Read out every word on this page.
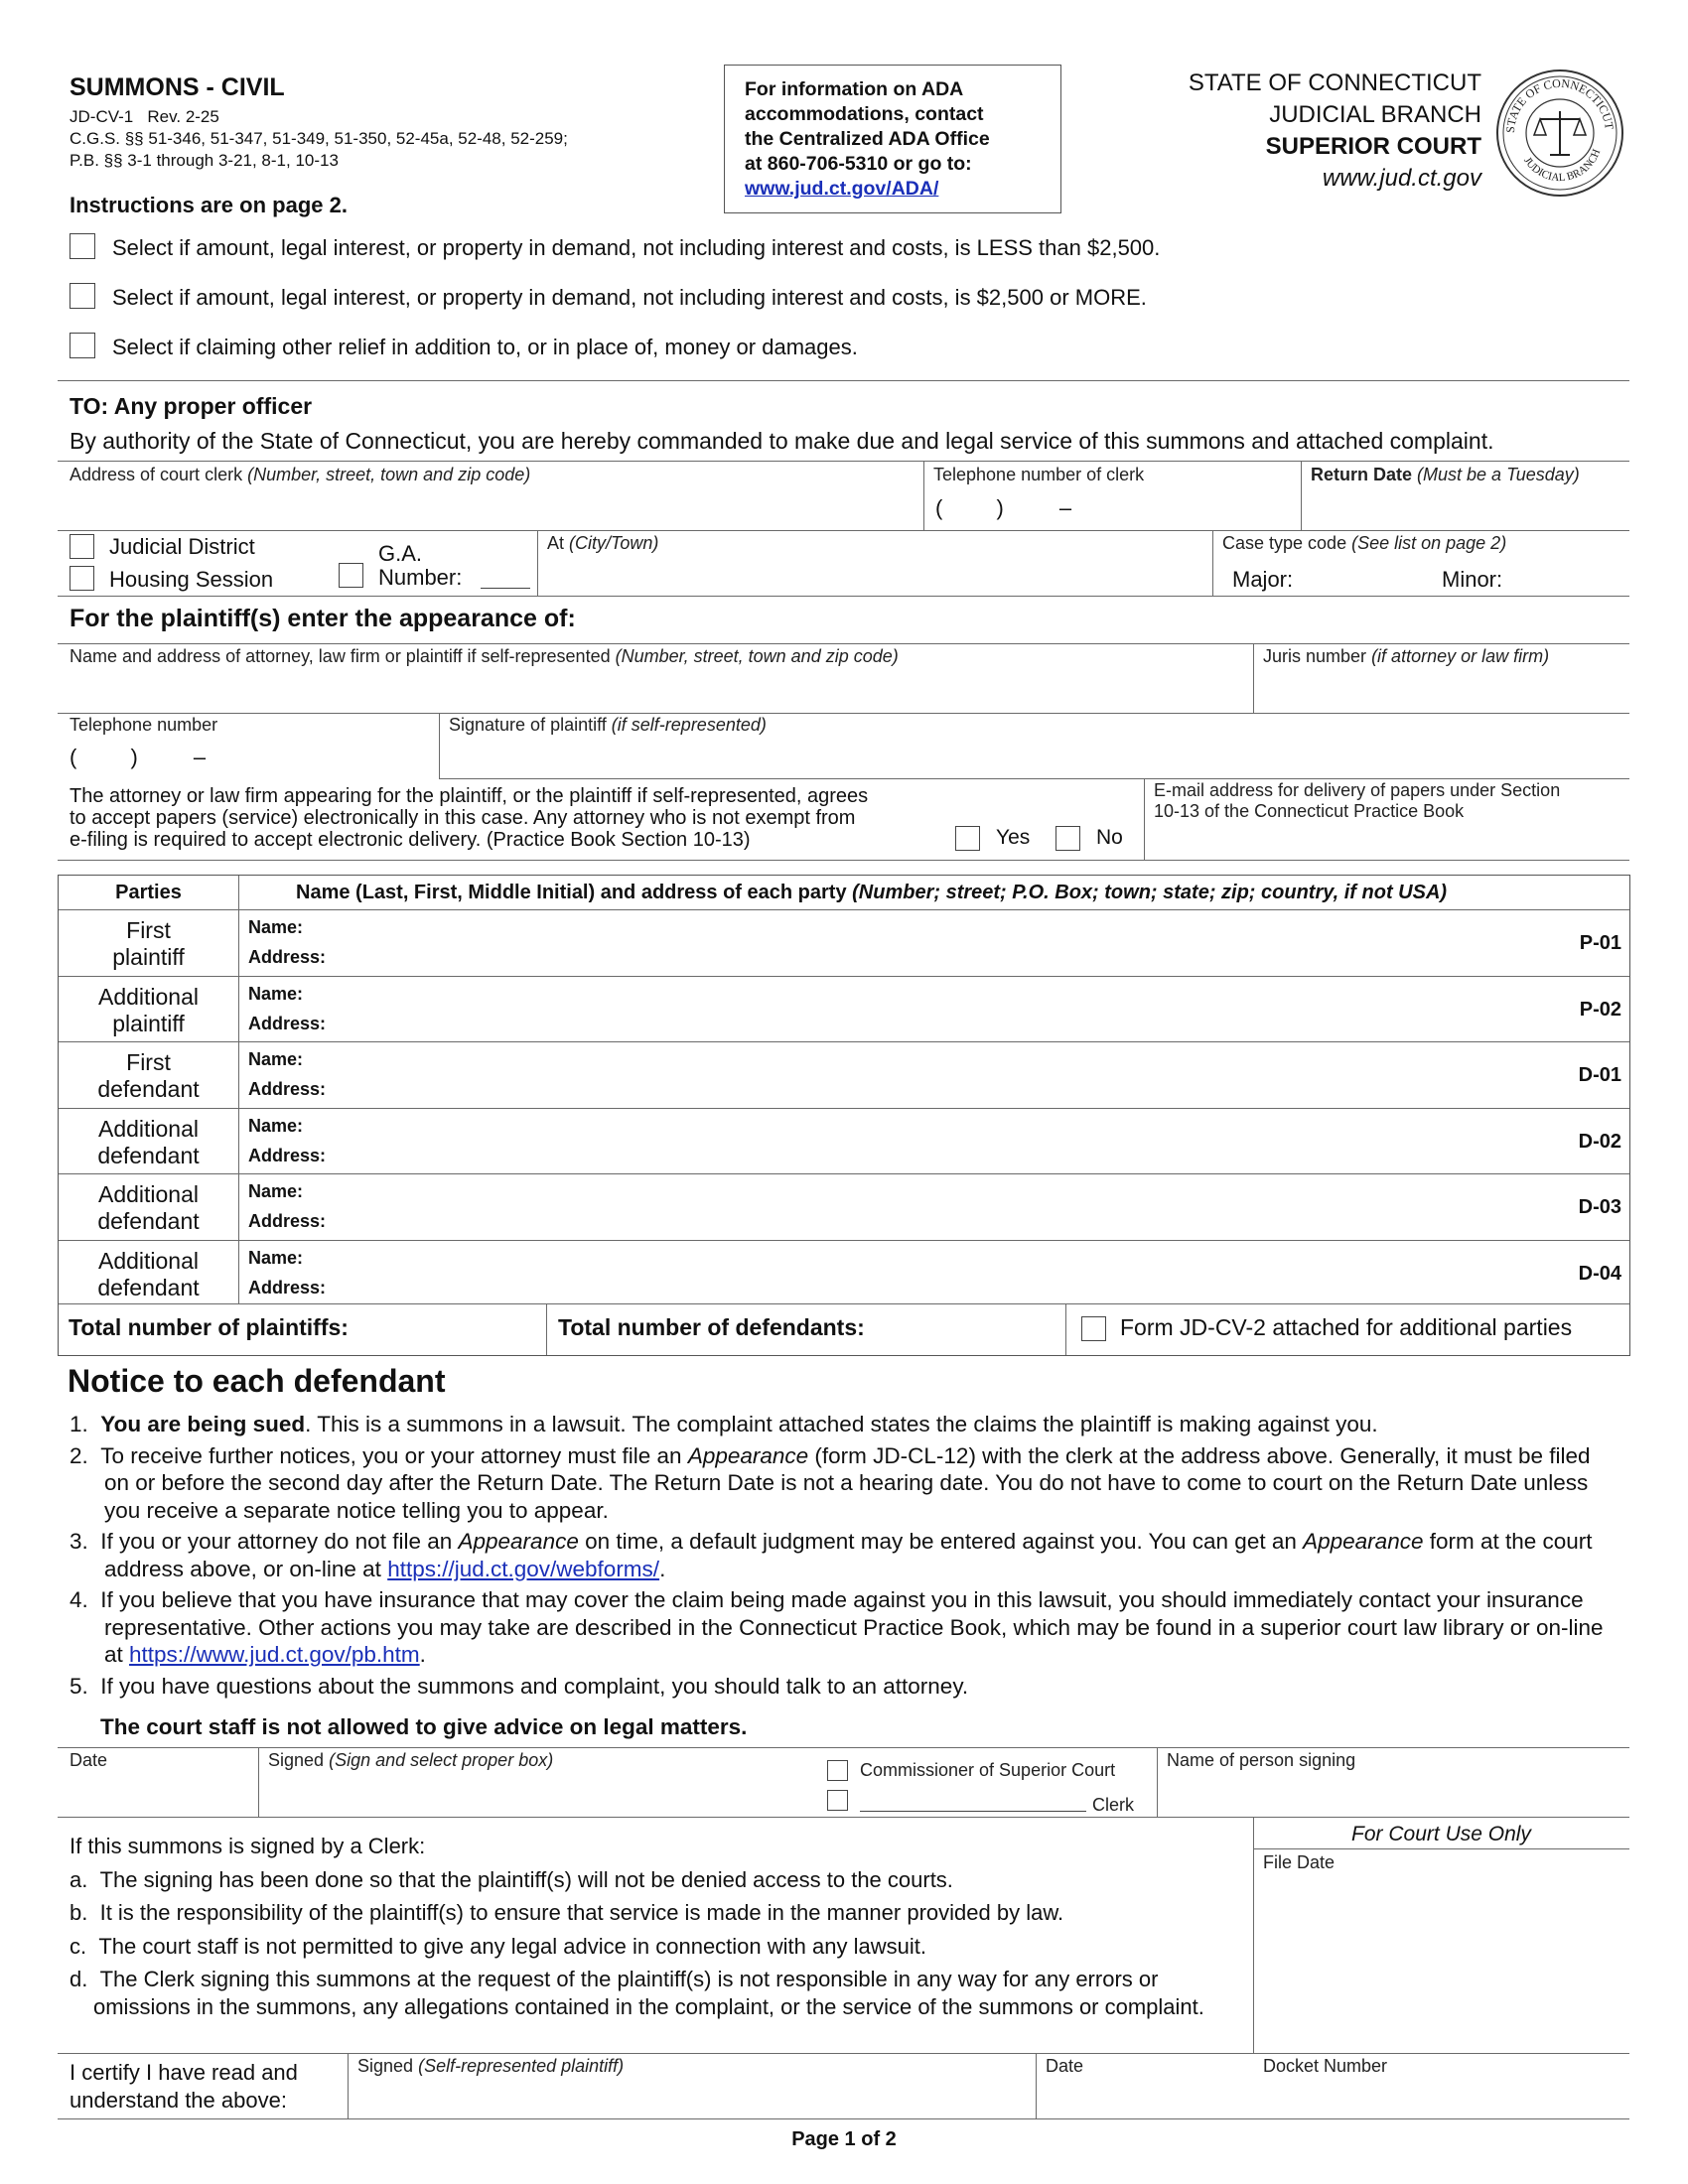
SUMMONS - CIVIL
JD-CV-1   Rev. 2-25
C.G.S. §§ 51-346, 51-347, 51-349, 51-350, 52-45a, 52-48, 52-259;
P.B. §§ 3-1 through 3-21, 8-1, 10-13
Instructions are on page 2.
For information on ADA
accommodations, contact
the Centralized ADA Office
at 860-706-5310 or go to:
www.jud.ct.gov/ADA/
STATE OF CONNECTICUT
JUDICIAL BRANCH
SUPERIOR COURT
www.jud.ct.gov
STATE OF CONNECTICUT
JUDICIAL BRANCH
Select if amount, legal interest, or property in demand, not including interest and costs, is LESS than $2,500.
Select if amount, legal interest, or property in demand, not including interest and costs, is $2,500 or MORE.
Select if claiming other relief in addition to, or in place of, money or damages.
TO: Any proper officer
By authority of the State of Connecticut, you are hereby commanded to make due and legal service of this summons and attached complaint.
Address of court clerk (Number, street, town and zip code)	Telephone number of clerk
( )	–
Return Date (Must be a Tuesday)
Judicial District
Housing Session
G.A.
Number:
At (City/Town)	Case type code (See list on page 2)
Major:	Minor:
For the plaintiff(s) enter the appearance of:
Name and address of attorney, law firm or plaintiff if self-represented (Number, street, town and zip code)	Juris number (if attorney or law firm)
Telephone number
( )	–
Signature of plaintiff (if self-represented)
The attorney or law firm appearing for the plaintiff, or the plaintiff if self-represented, agrees
to accept papers (service) electronically in this case. Any attorney who is not exempt from
e-filing is required to accept electronic delivery. (Practice Book Section 10-13)	Yes	No
E-mail address for delivery of papers under Section
10-13 of the Connecticut Practice Book
Parties	Name (Last, First, Middle Initial) and address of each party (Number; street; P.O. Box; town; state; zip; country, if not USA)
First
plaintiff
Name:
Address:
P-01
Additional
plaintiff
Name:
Address:
P-02
First
defendant
Name:
Address:
D-01
Additional
defendant
Name:
Address:
D-02
Additional
defendant
Name:
Address:
D-03
Additional
defendant
Name:
Address:
D-04
Total number of plaintiffs:	Total number of defendants:	Form JD-CV-2 attached for additional parties
Notice to each defendant
1.  You are being sued. This is a summons in a lawsuit. The complaint attached states the claims the plaintiff is making against you.
2.  To receive further notices, you or your attorney must file an Appearance (form JD-CL-12) with the clerk at the address above. Generally, it must be filed on or before the second day after the Return Date. The Return Date is not a hearing date. You do not have to come to court on the Return Date unless you receive a separate notice telling you to appear.
3.  If you or your attorney do not file an Appearance on time, a default judgment may be entered against you. You can get an Appearance form at the court address above, or on-line at https://jud.ct.gov/webforms/.
4.  If you believe that you have insurance that may cover the claim being made against you in this lawsuit, you should immediately contact your insurance representative. Other actions you may take are described in the Connecticut Practice Book, which may be found in a superior court law library or on-line at https://www.jud.ct.gov/pb.htm.
5.  If you have questions about the summons and complaint, you should talk to an attorney.
The court staff is not allowed to give advice on legal matters.
Date	Signed (Sign and select proper box)	Commissioner of Superior Court
Clerk
Name of person signing
If this summons is signed by a Clerk:
a.  The signing has been done so that the plaintiff(s) will not be denied access to the courts.
b.  It is the responsibility of the plaintiff(s) to ensure that service is made in the manner provided by law.
c.  The court staff is not permitted to give any legal advice in connection with any lawsuit.
d.  The Clerk signing this summons at the request of the plaintiff(s) is not responsible in any way for any errors or omissions in the summons, any allegations contained in the complaint, or the service of the summons or complaint.
For Court Use Only
File Date
I certify I have read and
understand the above:
Signed (Self-represented plaintiff)	Date	Docket Number
Page 1 of 2
